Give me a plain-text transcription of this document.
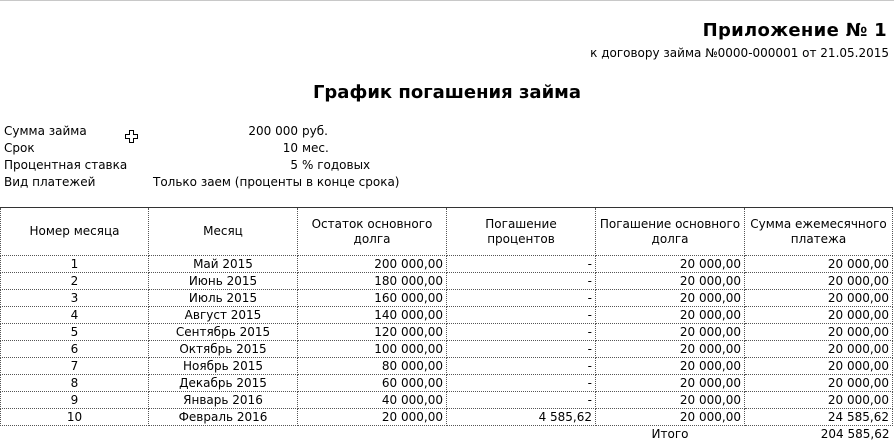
Приложение № 1
к договору займа №0000-000001 от 21.05.2015
График погашения займа
Сумма займа	200 000 руб.
Срок	10 мес.
Процентная ставка	5 % годовых
Вид платежей	Только заем (проценты в конце срока)
Номер месяца	Месяц	Остаток основного долга	Погашение процентов	Погашение основного долга	Сумма ежемесячного платежа
1	Май 2015	200 000,00	-	20 000,00	20 000,00
2	Июнь 2015	180 000,00	-	20 000,00	20 000,00
3	Июль 2015	160 000,00	-	20 000,00	20 000,00
4	Август 2015	140 000,00	-	20 000,00	20 000,00
5	Сентябрь 2015	120 000,00	-	20 000,00	20 000,00
6	Октябрь 2015	100 000,00	-	20 000,00	20 000,00
7	Ноябрь 2015	80 000,00	-	20 000,00	20 000,00
8	Декабрь 2015	60 000,00	-	20 000,00	20 000,00
9	Январь 2016	40 000,00	-	20 000,00	20 000,00
10	Февраль 2016	20 000,00	4 585,62	20 000,00	24 585,62
				Итого	204 585,62
